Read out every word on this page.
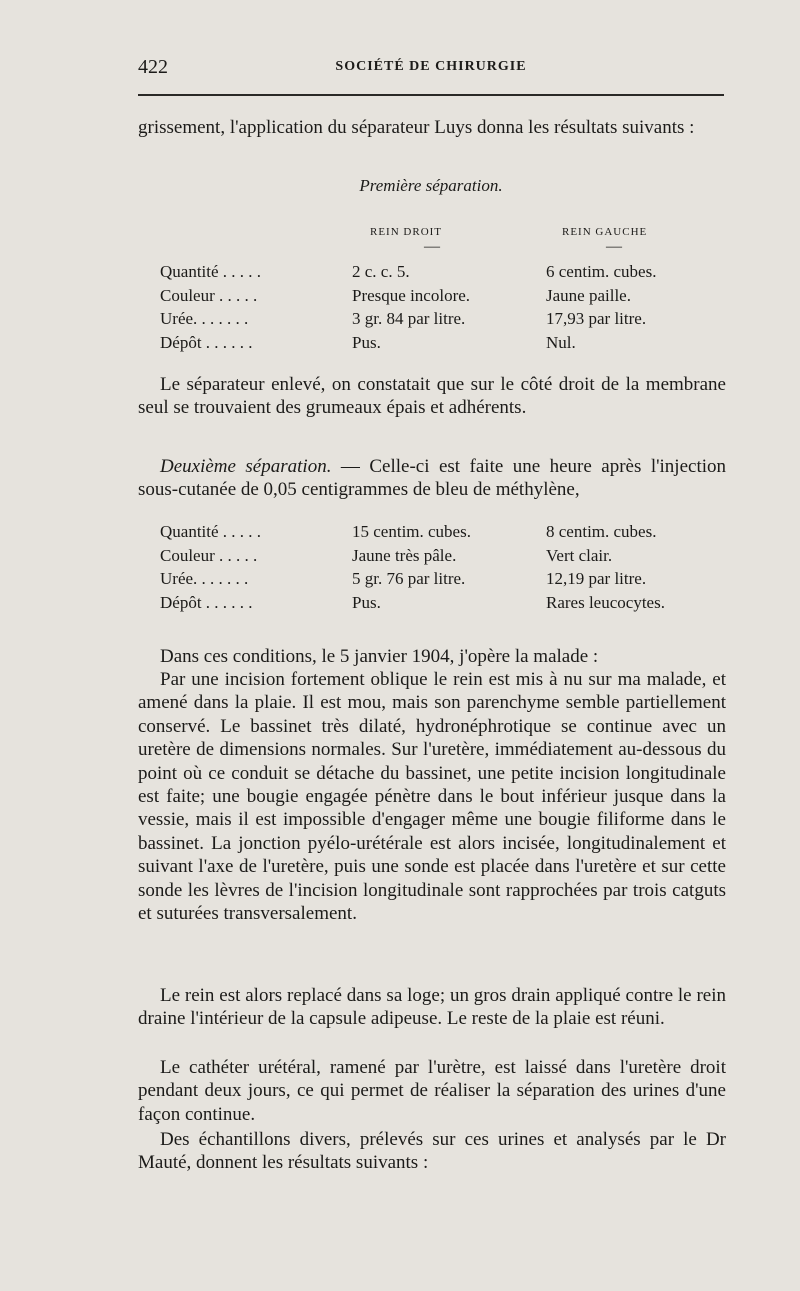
422	SOCIÉTÉ DE CHIRURGIE

grissement, l'application du séparateur Luys donna les résultats suivants :

Première séparation.
REIN DROIT	REIN GAUCHE
—	—
Quantité . . . . .	2 c. c. 5.	6 centim. cubes.
Couleur . . . . .	Presque incolore.	Jaune paille.
Urée. . . . . . .	3 gr. 84 par litre.	17,93 par litre.
Dépôt . . . . . .	Pus.	Nul.

Le séparateur enlevé, on constatait que sur le côté droit de la membrane seul se trouvaient des grumeaux épais et adhérents.

Deuxième séparation. — Celle-ci est faite une heure après l'injection sous-cutanée de 0,05 centigrammes de bleu de méthylène,

Quantité . . . . .	15 centim. cubes.	8 centim. cubes.
Couleur . . . . .	Jaune très pâle.	Vert clair.
Urée. . . . . . .	5 gr. 76 par litre.	12,19 par litre.
Dépôt . . . . . .	Pus.	Rares leucocytes.

Dans ces conditions, le 5 janvier 1904, j'opère la malade :

Par une incision fortement oblique le rein est mis à nu sur ma malade, et amené dans la plaie. Il est mou, mais son parenchyme semble partiellement conservé. Le bassinet très dilaté, hydronéphrotique se continue avec un uretère de dimensions normales. Sur l'uretère, immédiatement au-dessous du point où ce conduit se détache du bassinet, une petite incision longitudinale est faite; une bougie engagée pénètre dans le bout inférieur jusque dans la vessie, mais il est impossible d'engager même une bougie filiforme dans le bassinet. La jonction pyélo-urétérale est alors incisée, longitudinalement et suivant l'axe de l'uretère, puis une sonde est placée dans l'uretère et sur cette sonde les lèvres de l'incision longitudinale sont rapprochées par trois catguts et suturées transversalement.

Le rein est alors replacé dans sa loge; un gros drain appliqué contre le rein draine l'intérieur de la capsule adipeuse. Le reste de la plaie est réuni.

Le cathéter urétéral, ramené par l'urètre, est laissé dans l'uretère droit pendant deux jours, ce qui permet de réaliser la séparation des urines d'une façon continue.

Des échantillons divers, prélevés sur ces urines et analysés par le Dr Mauté, donnent les résultats suivants :
